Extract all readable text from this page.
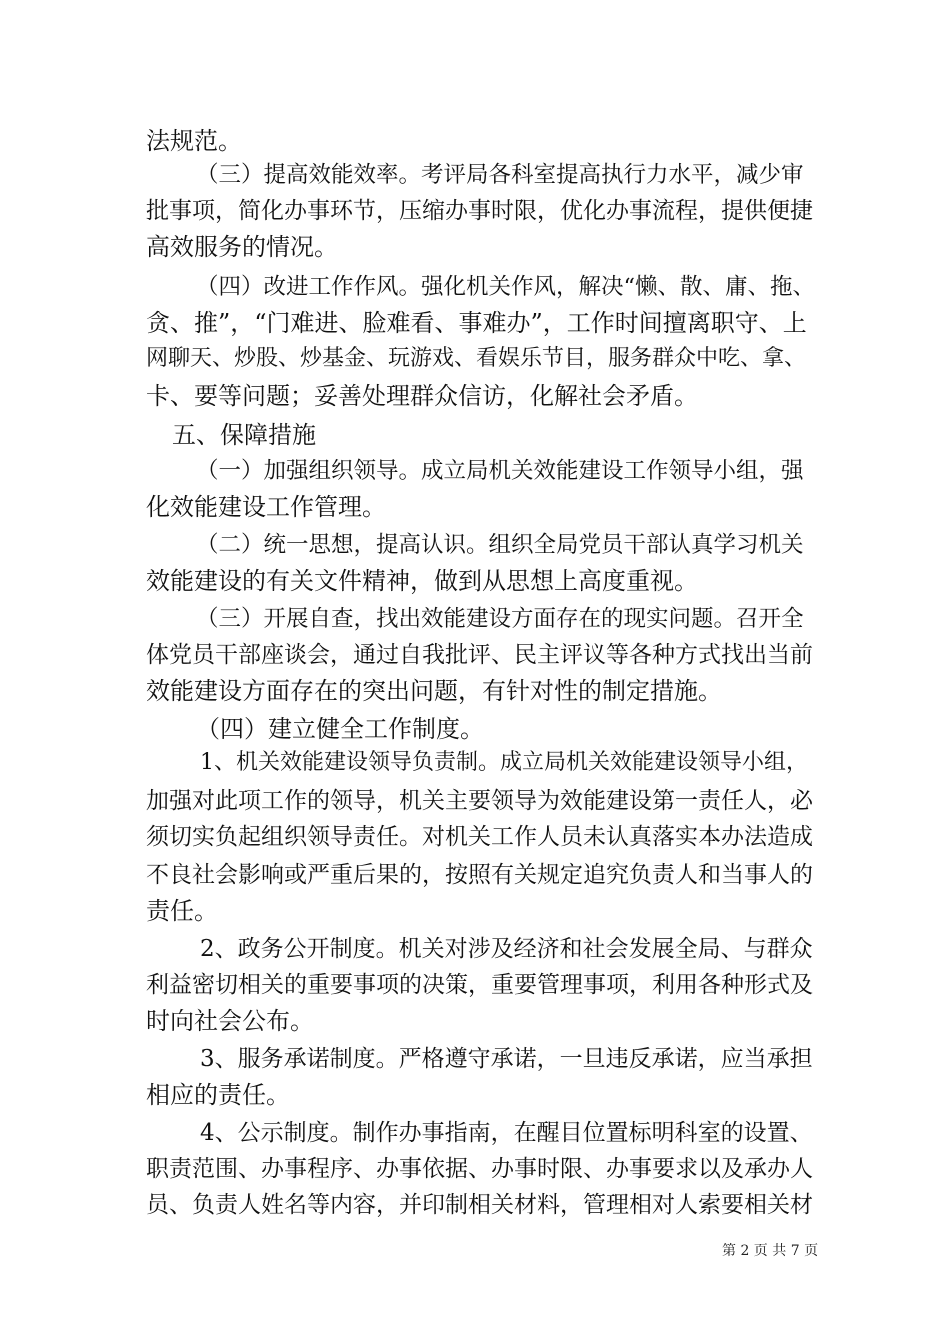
法规范。
（三）提高效能效率。考评局各科室提高执行力水平，减少审
批事项，简化办事环节，压缩办事时限，优化办事流程，提供便捷
高效服务的情况。
（四）改进工作作风。强化机关作风，解决“懒、散、庸、拖、
贪、推”，“门难进、脸难看、事难办”，工作时间擅离职守、上
网聊天、炒股、炒基金、玩游戏、看娱乐节目，服务群众中吃、拿、
卡、要等问题；妥善处理群众信访，化解社会矛盾。
五、保障措施
（一）加强组织领导。成立局机关效能建设工作领导小组，强
化效能建设工作管理。
（二）统一思想，提高认识。组织全局党员干部认真学习机关
效能建设的有关文件精神，做到从思想上高度重视。
（三）开展自查，找出效能建设方面存在的现实问题。召开全
体党员干部座谈会，通过自我批评、民主评议等各种方式找出当前
效能建设方面存在的突出问题，有针对性的制定措施。
（四）建立健全工作制度。
1、机关效能建设领导负责制。成立局机关效能建设领导小组，
加强对此项工作的领导，机关主要领导为效能建设第一责任人，必
须切实负起组织领导责任。对机关工作人员未认真落实本办法造成
不良社会影响或严重后果的，按照有关规定追究负责人和当事人的
责任。
2、政务公开制度。机关对涉及经济和社会发展全局、与群众
利益密切相关的重要事项的决策，重要管理事项，利用各种形式及
时向社会公布。
3、服务承诺制度。严格遵守承诺，一旦违反承诺，应当承担
相应的责任。
4、公示制度。制作办事指南，在醒目位置标明科室的设置、
职责范围、办事程序、办事依据、办事时限、办事要求以及承办人
员、负责人姓名等内容，并印制相关材料，管理相对人索要相关材
第 2 页 共 7 页
